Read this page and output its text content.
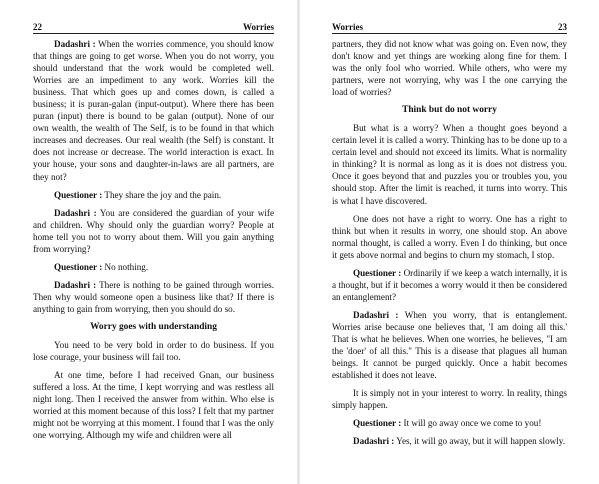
22	Worries

Dadashri : When the worries commence, you should know that things are going to get worse. When you do not worry, you should understand that the work would be completed well. Worries are an impediment to any work. Worries kill the business. That which goes up and comes down, is called a business; it is puran-galan (input-output). Where there has been puran (input) there is bound to be galan (output). None of our own wealth, the wealth of The Self, is to be found in that which increases and decreases. Our real wealth (the Self) is constant. It does not increase or decrease. The world interaction is exact. In your house, your sons and daughter-in-laws are all partners, are they not?

Questioner : They share the joy and the pain.

Dadashri : You are considered the guardian of your wife and children. Why should only the guardian worry? People at home tell you not to worry about them. Will you gain anything from worrying?

Questioner : No nothing.

Dadashri : There is nothing to be gained through worries. Then why would someone open a business like that? If there is anything to gain from worrying, then you should do so.

Worry goes with understanding

You need to be very bold in order to do business. If you lose courage, your business will fail too.

At one time, before I had received Gnan, our business suffered a loss. At the time, I kept worrying and was restless all night long. Then I received the answer from within. Who else is worried at this moment because of this loss? I felt that my partner might not be worrying at this moment. I found that I was the only one worrying. Although my wife and children were all

Worries	23

partners, they did not know what was going on. Even now, they don't know and yet things are working along fine for them. I was the only fool who worried. While others, who were my partners, were not worrying, why was I the one carrying the load of worries?

Think but do not worry

But what is a worry? When a thought goes beyond a certain level it is called a worry. Thinking has to be done up to a certain level and should not exceed its limits. What is normality in thinking? It is normal as long as it is does not distress you. Once it goes beyond that and puzzles you or troubles you, you should stop. After the limit is reached, it turns into worry. This is what I have discovered.

One does not have a right to worry. One has a right to think but when it results in worry, one should stop. An above normal thought, is called a worry. Even I do thinking, but once it gets above normal and begins to churn my stomach, I stop.

Questioner : Ordinarily if we keep a watch internally, it is a thought, but if it becomes a worry would it then be considered an entanglement?

Dadashri : When you worry, that is entanglement. Worries arise because one believes that, 'I am doing all this.' That is what he believes. When one worries, he believes, "I am the 'doer' of all this." This is a disease that plagues all human beings. It cannot be purged quickly. Once a habit becomes established it does not leave.

It is simply not in your interest to worry. In reality, things simply happen.

Questioner : It will go away once we come to you!

Dadashri : Yes, it will go away, but it will happen slowly.
